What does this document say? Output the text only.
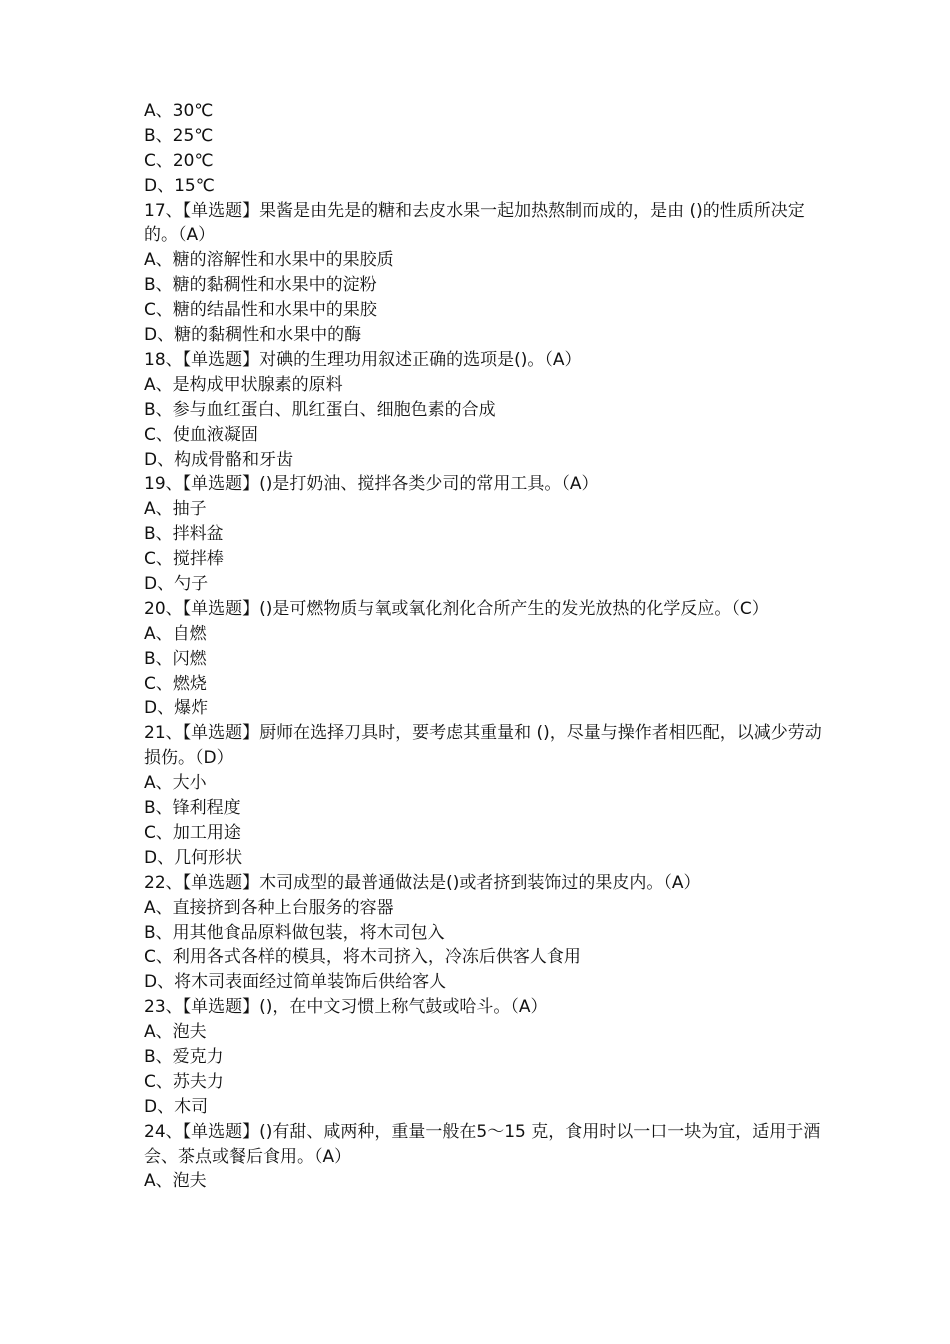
A、30℃
B、25℃
C、20℃
D、15℃
17、【单选题】果酱是由先是的糖和去皮水果一起加热熬制而成的，是由 ()的性质所决定的。（A）
A、糖的溶解性和水果中的果胶质
B、糖的黏稠性和水果中的淀粉
C、糖的结晶性和水果中的果胶
D、糖的黏稠性和水果中的酶
18、【单选题】对碘的生理功用叙述正确的选项是()。（A）
A、是构成甲状腺素的原料
B、参与血红蛋白、肌红蛋白、细胞色素的合成
C、使血液凝固
D、构成骨骼和牙齿
19、【单选题】()是打奶油、搅拌各类少司的常用工具。（A）
A、抽子
B、拌料盆
C、搅拌棒
D、勺子
20、【单选题】()是可燃物质与氧或氧化剂化合所产生的发光放热的化学反应。（C）
A、自燃
B、闪燃
C、燃烧
D、爆炸
21、【单选题】厨师在选择刀具时，要考虑其重量和 ()，尽量与操作者相匹配，以减少劳动损伤。（D）
A、大小
B、锋利程度
C、加工用途
D、几何形状
22、【单选题】木司成型的最普通做法是()或者挤到装饰过的果皮内。（A）
A、直接挤到各种上台服务的容器
B、用其他食品原料做包装，将木司包入
C、利用各式各样的模具，将木司挤入，冷冻后供客人食用
D、将木司表面经过简单装饰后供给客人
23、【单选题】()，在中文习惯上称气鼓或哈斗。（A）
A、泡夫
B、爱克力
C、苏夫力
D、木司
24、【单选题】()有甜、咸两种，重量一般在5～15 克，食用时以一口一块为宜，适用于酒会、茶点或餐后食用。（A）
A、泡夫
